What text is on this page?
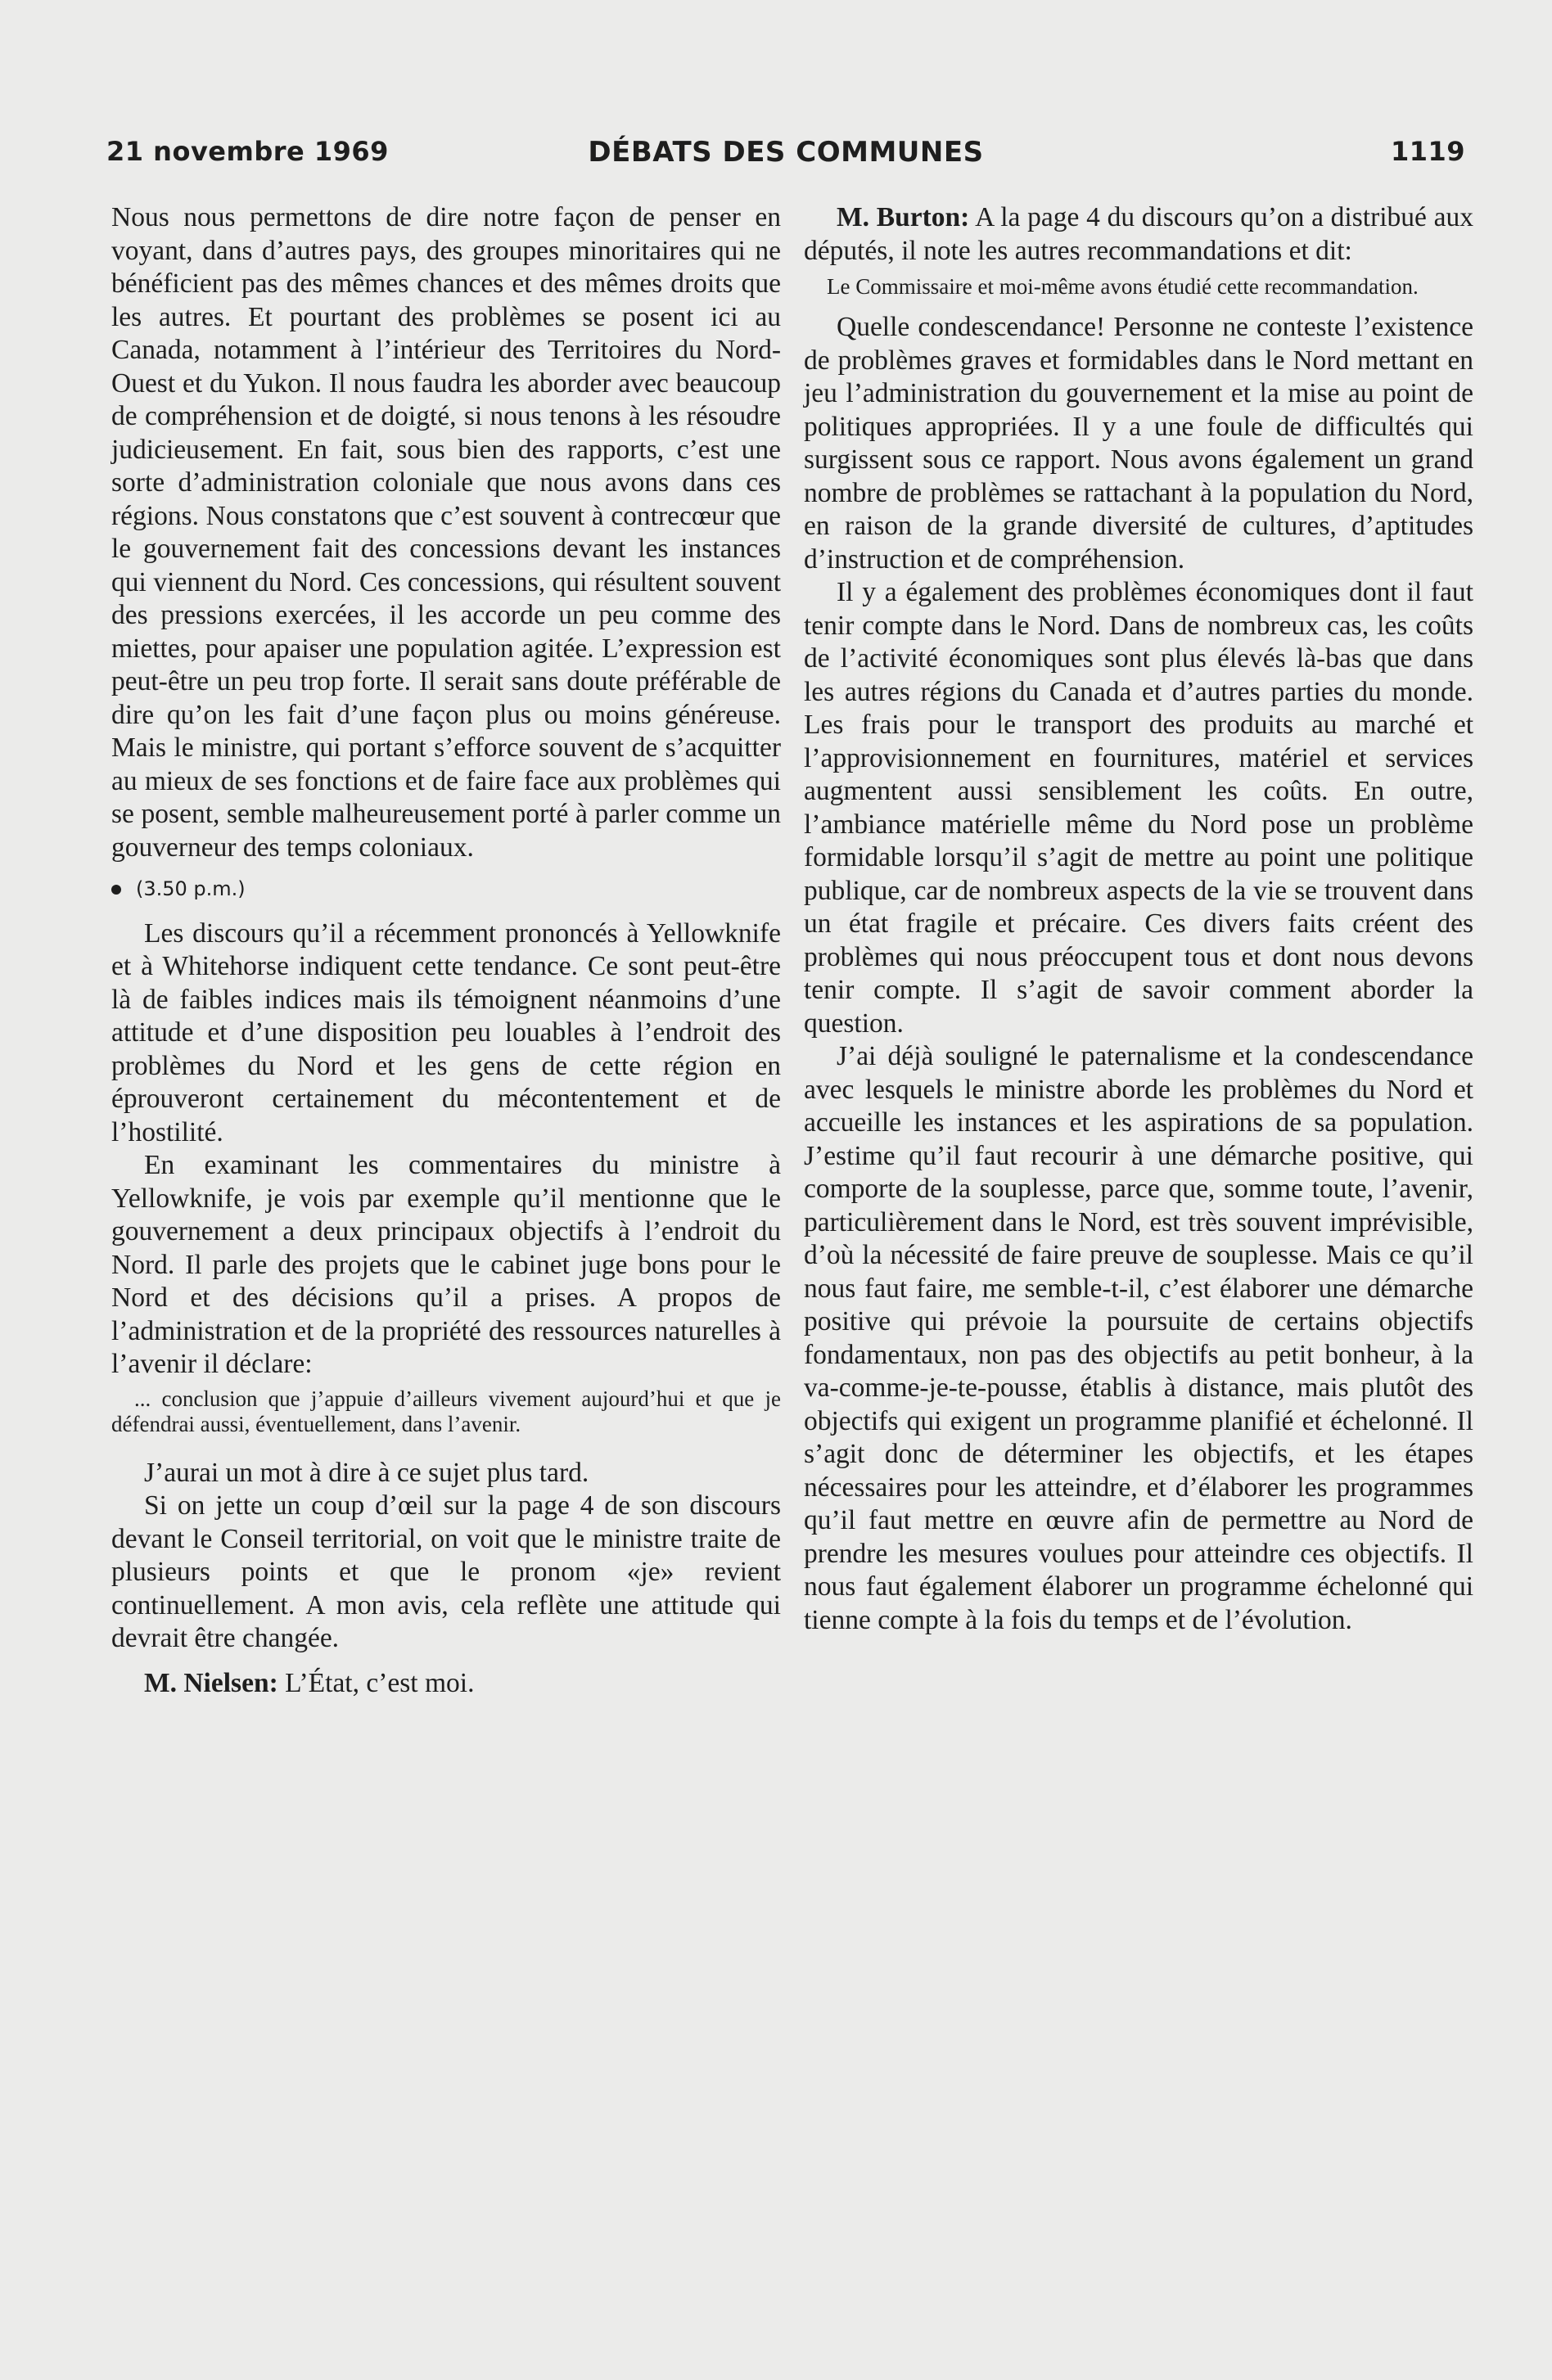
21 novembre 1969	DÉBATS DES COMMUNES	1119

Nous nous permettons de dire notre façon de penser en voyant, dans d’autres pays, des groupes minoritaires qui ne bénéficient pas des mêmes chances et des mêmes droits que les autres. Et pourtant des problèmes se posent ici au Canada, notamment à l’intérieur des Territoires du Nord-Ouest et du Yukon. Il nous faudra les aborder avec beaucoup de compréhension et de doigté, si nous tenons à les résoudre judicieusement. En fait, sous bien des rapports, c’est une sorte d’administration coloniale que nous avons dans ces régions. Nous constatons que c’est souvent à contrecœur que le gouvernement fait des concessions devant les instances qui viennent du Nord. Ces concessions, qui résultent souvent des pressions exercées, il les accorde un peu comme des miettes, pour apaiser une population agitée. L’expression est peut-être un peu trop forte. Il serait sans doute préférable de dire qu’on les fait d’une façon plus ou moins généreuse. Mais le ministre, qui portant s’efforce souvent de s’acquitter au mieux de ses fonctions et de faire face aux problèmes qui se posent, semble malheureusement porté à parler comme un gouverneur des temps coloniaux.

(3.50 p.m.)

Les discours qu’il a récemment prononcés à Yellowknife et à Whitehorse indiquent cette tendance. Ce sont peut-être là de faibles indices mais ils témoignent néanmoins d’une attitude et d’une disposition peu louables à l’endroit des problèmes du Nord et les gens de cette région en éprouveront certainement du mécontentement et de l’hostilité.

En examinant les commentaires du ministre à Yellowknife, je vois par exemple qu’il mentionne que le gouvernement a deux principaux objectifs à l’endroit du Nord. Il parle des projets que le cabinet juge bons pour le Nord et des décisions qu’il a prises. A propos de l’administration et de la propriété des ressources naturelles à l’avenir il déclare:

... conclusion que j’appuie d’ailleurs vivement aujourd’hui et que je défendrai aussi, éventuellement, dans l’avenir.

J’aurai un mot à dire à ce sujet plus tard.

Si on jette un coup d’œil sur la page 4 de son discours devant le Conseil territorial, on voit que le ministre traite de plusieurs points et que le pronom «je» revient continuellement. A mon avis, cela reflète une attitude qui devrait être changée.

M. Nielsen: L’État, c’est moi.

M. Burton: A la page 4 du discours qu’on a distribué aux députés, il note les autres recommandations et dit:

Le Commissaire et moi-même avons étudié cette recommandation.

Quelle condescendance! Personne ne conteste l’existence de problèmes graves et formidables dans le Nord mettant en jeu l’administration du gouvernement et la mise au point de politiques appropriées. Il y a une foule de difficultés qui surgissent sous ce rapport. Nous avons également un grand nombre de problèmes se rattachant à la population du Nord, en raison de la grande diversité de cultures, d’aptitudes d’instruction et de compréhension.

Il y a également des problèmes économiques dont il faut tenir compte dans le Nord. Dans de nombreux cas, les coûts de l’activité économiques sont plus élevés là-bas que dans les autres régions du Canada et d’autres parties du monde. Les frais pour le transport des produits au marché et l’approvisionnement en fournitures, matériel et services augmentent aussi sensiblement les coûts. En outre, l’ambiance matérielle même du Nord pose un problème formidable lorsqu’il s’agit de mettre au point une politique publique, car de nombreux aspects de la vie se trouvent dans un état fragile et précaire. Ces divers faits créent des problèmes qui nous préoccupent tous et dont nous devons tenir compte. Il s’agit de savoir comment aborder la question.

J’ai déjà souligné le paternalisme et la condescendance avec lesquels le ministre aborde les problèmes du Nord et accueille les instances et les aspirations de sa population. J’estime qu’il faut recourir à une démarche positive, qui comporte de la souplesse, parce que, somme toute, l’avenir, particulièrement dans le Nord, est très souvent imprévisible, d’où la nécessité de faire preuve de souplesse. Mais ce qu’il nous faut faire, me semble-t-il, c’est élaborer une démarche positive qui prévoie la poursuite de certains objectifs fondamentaux, non pas des objectifs au petit bonheur, à la va-comme-je-te-pousse, établis à distance, mais plutôt des objectifs qui exigent un programme planifié et échelonné. Il s’agit donc de déterminer les objectifs, et les étapes nécessaires pour les atteindre, et d’élaborer les programmes qu’il faut mettre en œuvre afin de permettre au Nord de prendre les mesures voulues pour atteindre ces objectifs. Il nous faut également élaborer un programme échelonné qui tienne compte à la fois du temps et de l’évolution.
